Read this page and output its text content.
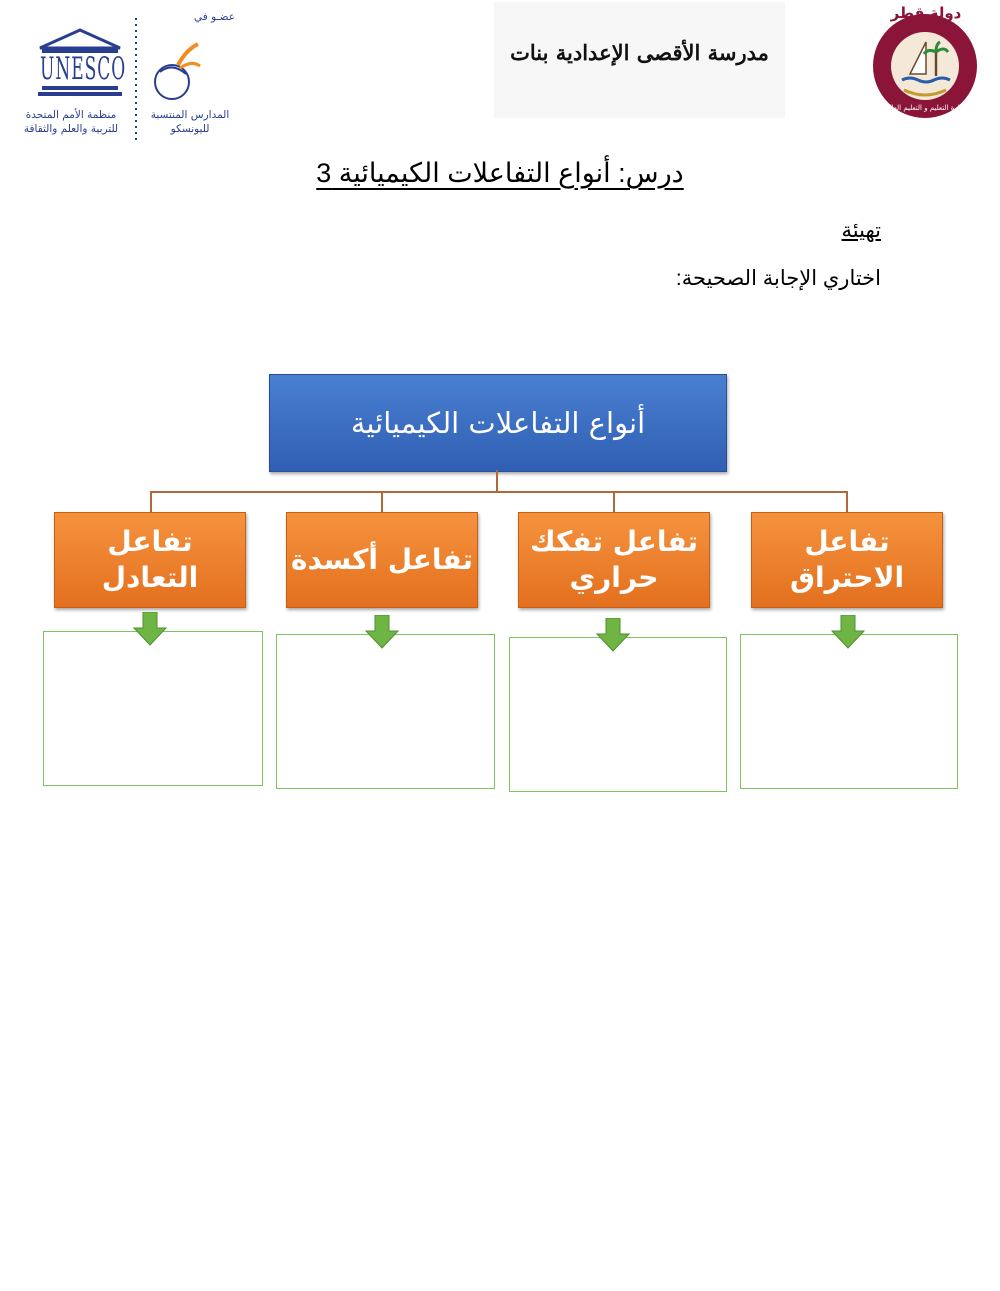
UNESCO
عضـو في
منظمة الأمم المتحدة
للتربية والعلم والثقافة
المدارس المنتسبة
لليونسكو
مدرسة الأقصى الإعدادية بنات
دولة قطر
وزارة التعليم و التعليم العالي
درس: أنواع التفاعلات الكيميائية 3
تهيئة
اختاري الإجابة الصحيحة:
أنواع التفاعلات الكيميائية
تفاعل الاحتراق
تفاعل تفكك حراري
تفاعل أكسدة
تفاعل التعادل
